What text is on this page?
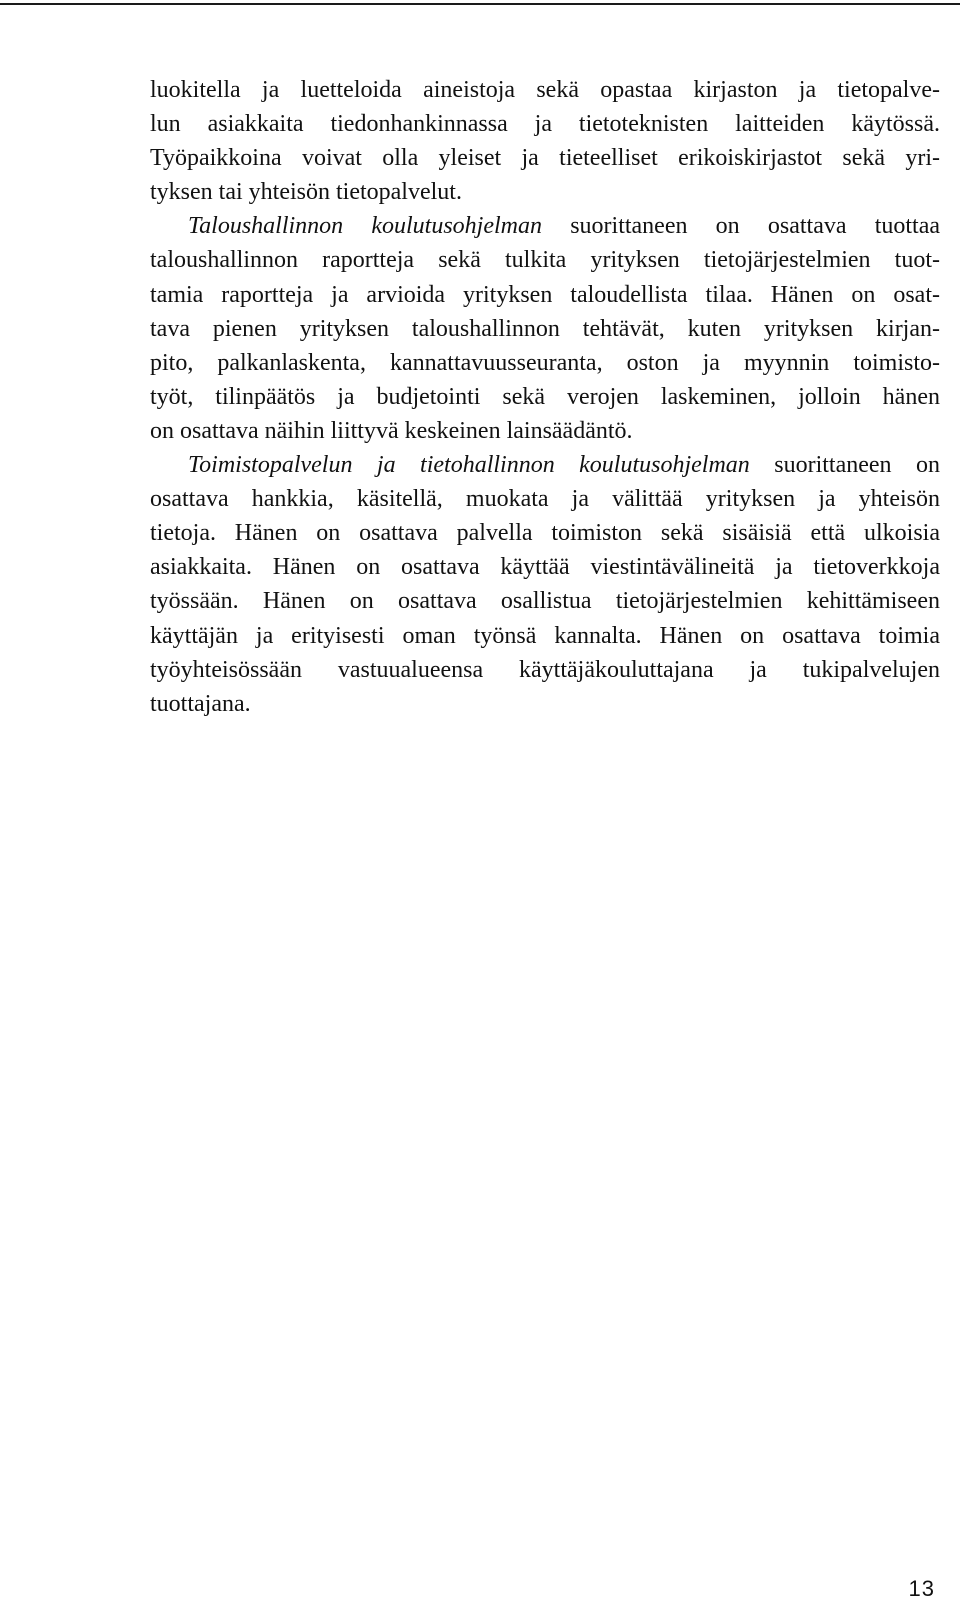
luokitella ja luetteloida aineistoja sekä opastaa kirjaston ja tietopalve-
lun asiakkaita tiedonhankinnassa ja tietoteknisten laitteiden käytössä.
Työpaikkoina voivat olla yleiset ja tieteelliset erikoiskirjastot sekä yri-
tyksen tai yhteisön tietopalvelut.
Taloushallinnon koulutusohjelman suorittaneen on osattava tuottaa
taloushallinnon raportteja sekä tulkita yrityksen tietojärjestelmien tuot-
tamia raportteja ja arvioida yrityksen taloudellista tilaa. Hänen on osat-
tava pienen yrityksen taloushallinnon tehtävät, kuten yrityksen kirjan-
pito, palkanlaskenta, kannattavuusseuranta, oston ja myynnin toimisto-
työt, tilinpäätös ja budjetointi sekä verojen laskeminen, jolloin hänen
on osattava näihin liittyvä keskeinen lainsäädäntö.
Toimistopalvelun ja tietohallinnon koulutusohjelman suorittaneen on
osattava hankkia, käsitellä, muokata ja välittää yrityksen ja yhteisön
tietoja. Hänen on osattava palvella toimiston sekä sisäisiä että ulkoisia
asiakkaita. Hänen on osattava käyttää viestintävälineitä ja tietoverkkoja
työssään. Hänen on osattava osallistua tietojärjestelmien kehittämiseen
käyttäjän ja erityisesti oman työnsä kannalta. Hänen on osattava toimia
työyhteisössään vastuualueensa käyttäjäkouluttajana ja tukipalvelujen
tuottajana.
13
